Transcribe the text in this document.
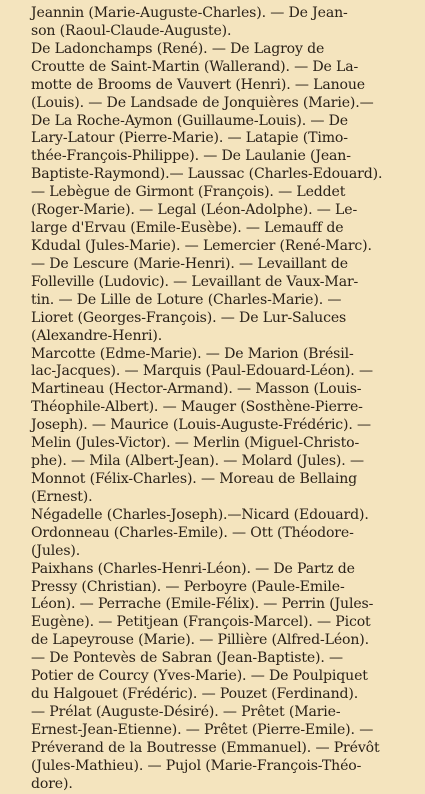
Jeannin (Marie-Auguste-Charles). — De Jean-
son (Raoul-Claude-Auguste).

De Ladonchamps (René). — De Lagroy de
Croutte de Saint-Martin (Wallerand). — De La-
motte de Brooms de Vauvert (Henri). — Lanoue
(Louis). — De Landsade de Jonquières (Marie).—
De La Roche-Aymon (Guillaume-Louis). — De
Lary-Latour (Pierre-Marie). — Latapie (Timo-
thée-François-Philippe). — De Laulanie (Jean-
Baptiste-Raymond).— Laussac (Charles-Edouard).
— Lebègue de Girmont (François). — Leddet
(Roger-Marie). — Legal (Léon-Adolphe). — Le-
large d'Ervau (Emile-Eusèbe). — Lemauff de
Kdudal (Jules-Marie). — Lemercier (René-Marc).
— De Lescure (Marie-Henri). — Levaillant de
Folleville (Ludovic). — Levaillant de Vaux-Mar-
tin. — De Lille de Loture (Charles-Marie). —
Lioret (Georges-François). — De Lur-Saluces
(Alexandre-Henri).

Marcotte (Edme-Marie). — De Marion (Brésil-
lac-Jacques). — Marquis (Paul-Edouard-Léon). —
Martineau (Hector-Armand). — Masson (Louis-
Théophile-Albert). — Mauger (Sosthène-Pierre-
Joseph). — Maurice (Louis-Auguste-Frédéric). —
Melin (Jules-Victor). — Merlin (Miguel-Christo-
phe). — Mila (Albert-Jean). — Molard (Jules). —
Monnot (Félix-Charles). — Moreau de Bellaing
(Ernest).

Négadelle (Charles-Joseph).—Nicard (Edouard).
Ordonneau (Charles-Emile). — Ott (Théodore-
(Jules).

Paixhans (Charles-Henri-Léon). — De Partz de
Pressy (Christian). — Perboyre (Paule-Emile-
Léon). — Perrache (Emile-Félix). — Perrin (Jules-
Eugène). — Petitjean (François-Marcel). — Picot
de Lapeyrouse (Marie). — Pillière (Alfred-Léon).
— De Pontevès de Sabran (Jean-Baptiste). —
Potier de Courcy (Yves-Marie). — De Poulpiquet
du Halgouet (Frédéric). — Pouzet (Ferdinand).
— Prélat (Auguste-Désiré). — Prêtet (Marie-
Ernest-Jean-Etienne). — Prêtet (Pierre-Emile). —
Préverand de la Boutresse (Emmanuel). — Prévôt
(Jules-Mathieu). — Pujol (Marie-François-Théo-
dore).
